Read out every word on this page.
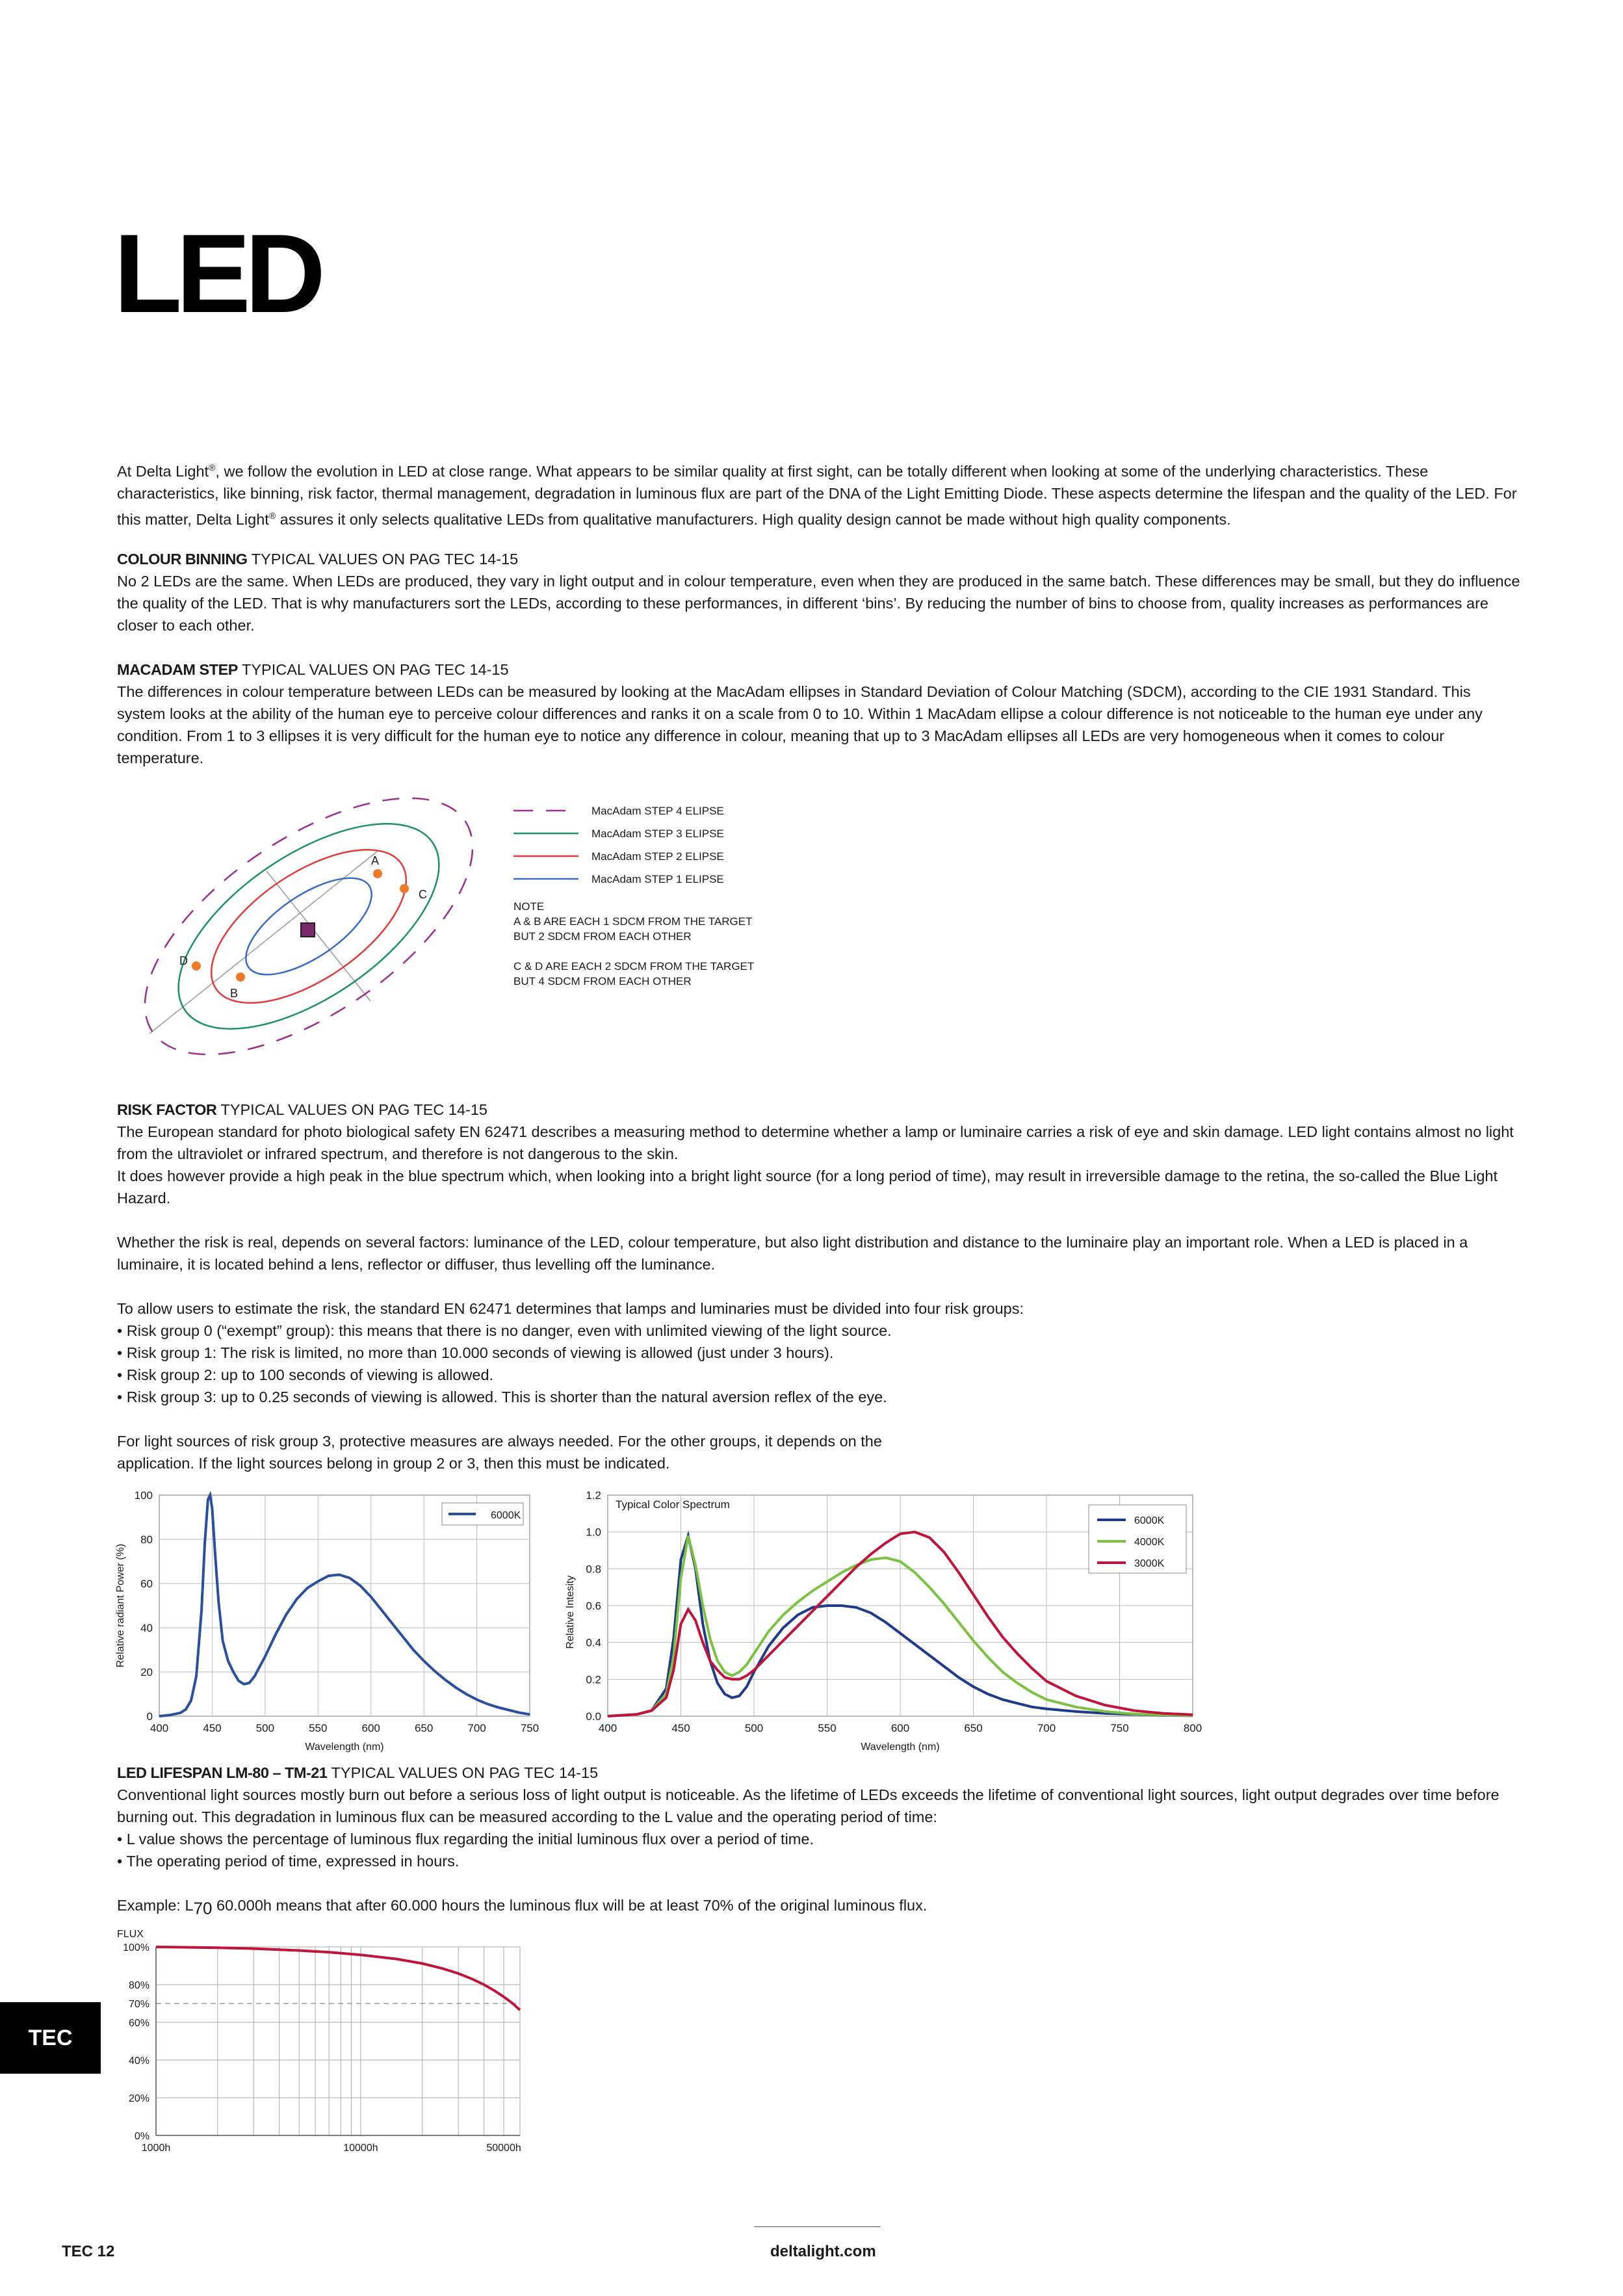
LED

At Delta Light®, we follow the evolution in LED at close range. What appears to be similar quality at first sight, can be totally different when looking at some of the underlying characteristics. These characteristics, like binning, risk factor, thermal management, degradation in luminous flux are part of the DNA of the Light Emitting Diode. These aspects determine the lifespan and the quality of the LED. For this matter, Delta Light® assures it only selects qualitative LEDs from qualitative manufacturers. High quality design cannot be made without high quality components.

COLOUR BINNING TYPICAL VALUES ON PAG TEC 14-15

No 2 LEDs are the same. When LEDs are produced, they vary in light output and in colour temperature, even when they are produced in the same batch. These differences may be small, but they do influence the quality of the LED. That is why manufacturers sort the LEDs, according to these performances, in different ‘bins’. By reducing the number of bins to choose from, quality increases as performances are closer to each other.

MACADAM STEP TYPICAL VALUES ON PAG TEC 14-15

The differences in colour temperature between LEDs can be measured by looking at the MacAdam ellipses in Standard Deviation of Colour Matching (SDCM), according to the CIE 1931 Standard. This system looks at the ability of the human eye to perceive colour differences and ranks it on a scale from 0 to 10. Within 1 MacAdam ellipse a colour difference is not noticeable to the human eye under any condition. From 1 to 3 ellipses it is very difficult for the human eye to notice any difference in colour, meaning that up to 3 MacAdam ellipses all LEDs are very homogeneous when it comes to colour temperature.

A
B
C
D
MacAdam STEP 4 ELIPSE
MacAdam STEP 3 ELIPSE
MacAdam STEP 2 ELIPSE
MacAdam STEP 1 ELIPSE
NOTE
A & B ARE EACH 1 SDCM FROM THE TARGET
BUT 2 SDCM FROM EACH OTHER
C & D ARE EACH 2 SDCM FROM THE TARGET
BUT 4 SDCM FROM EACH OTHER

RISK FACTOR TYPICAL VALUES ON PAG TEC 14-15

The European standard for photo biological safety EN 62471 describes a measuring method to determine whether a lamp or luminaire carries a risk of eye and skin damage. LED light contains almost no light from the ultraviolet or infrared spectrum, and therefore is not dangerous to the skin.

It does however provide a high peak in the blue spectrum which, when looking into a bright light source (for a long period of time), may result in irreversible damage to the retina, the so-called the Blue Light Hazard.

Whether the risk is real, depends on several factors: luminance of the LED, colour temperature, but also light distribution and distance to the luminaire play an important role. When a LED is placed in a luminaire, it is located behind a lens, reflector or diffuser, thus levelling off the luminance.

To allow users to estimate the risk, the standard EN 62471 determines that lamps and luminaries must be divided into four risk groups:

• Risk group 0 (“exempt” group): this means that there is no danger, even with unlimited viewing of the light source.
• Risk group 1: The risk is limited, no more than 10.000 seconds of viewing is allowed (just under 3 hours).
• Risk group 2: up to 100 seconds of viewing is allowed.
• Risk group 3: up to 0.25 seconds of viewing is allowed. This is shorter than the natural aversion reflex of the eye.

For light sources of risk group 3, protective measures are always needed. For the other groups, it depends on the

application. If the light sources belong in group 2 or 3, then this must be indicated.

400	450	500	550	600	650	700	750
0
20
40
60
80
100
Wavelength (nm)
Relative radiant Power (%)
6000K
400	450	500	550	600	650	700	750	800
0.0
0.2
0.4
0.6
0.8
1.0
1.2
Typical Color Spectrum
Wavelength (nm)
Relative Intesity
6000K
4000K
3000K

LED LIFESPAN LM-80 – TM-21 TYPICAL VALUES ON PAG TEC 14-15

Conventional light sources mostly burn out before a serious loss of light output is noticeable. As the lifetime of LEDs exceeds the lifetime of conventional light sources, light output degrades over time before burning out. This degradation in luminous flux can be measured according to the L value and the operating period of time:

• L value shows the percentage of luminous flux regarding the initial luminous flux over a period of time.

• The operating period of time, expressed in hours.

Example: $L_{70}$ 60.000h means that after 60.000 hours the luminous flux will be at least 70% of the original luminous flux.

FLUX
0%
20%
40%
60%
70%
80%
100%
1000h	10000h	50000h
TEC
TEC 12	deltalight.com
